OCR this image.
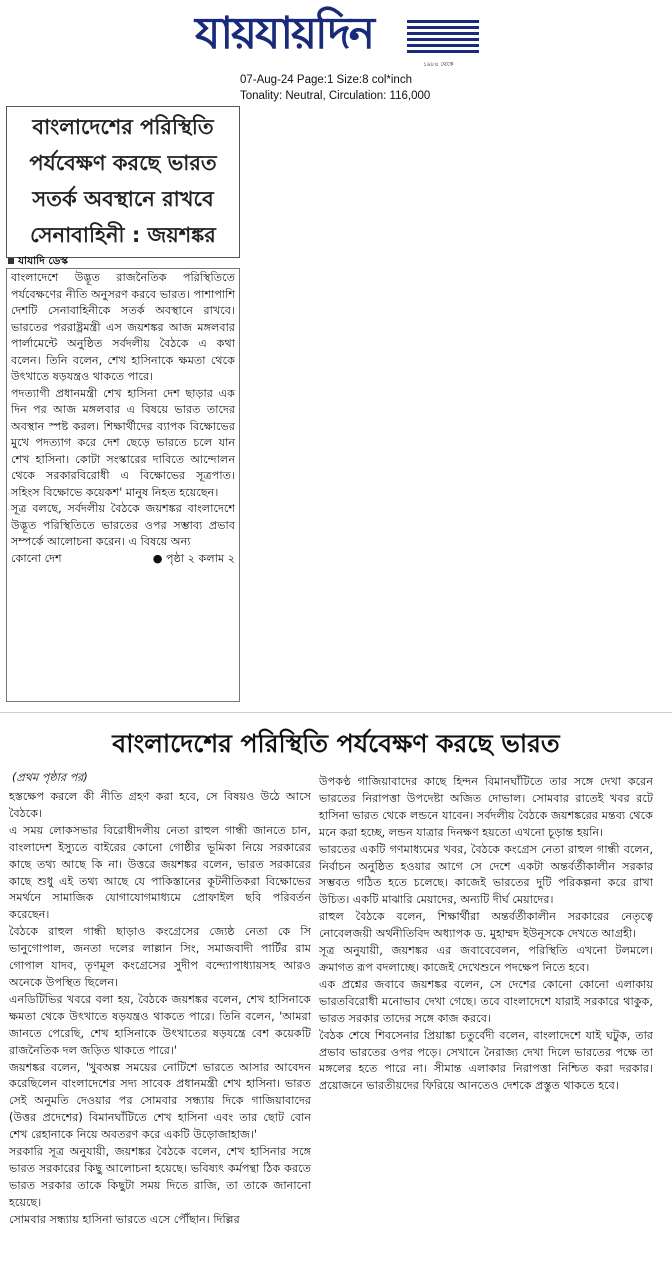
যায়যায়দিন
১৯৮৪ থেকে
07-Aug-24 Page:1 Size:8 col*inch
Tonality: Neutral, Circulation: 116,000
বাংলাদেশের পরিস্থিতি
পর্যবেক্ষণ করছে ভারত
সতর্ক অবস্থানে রাখবে
সেনাবাহিনী : জয়শঙ্কর
যাযাদি ডেস্ক

বাংলাদেশে উদ্ভূত রাজনৈতিক পরিস্থিতিতে পর্যবেক্ষণের নীতি অনুসরণ করবে ভারত। পাশাপাশি দেশটি সেনাবাহিনীকে সতর্ক অবস্থানে রাখবে। ভারতের পররাষ্ট্রমন্ত্রী এস জয়শঙ্কর আজ মঙ্গলবার পার্লামেন্টে অনুষ্ঠিত সর্বদলীয় বৈঠকে এ কথা বলেন। তিনি বলেন, শেখ হাসিনাকে ক্ষমতা থেকে উৎখাতে ষড়যন্ত্রও থাকতে পারে।

পদত্যাগী প্রধানমন্ত্রী শেখ হাসিনা দেশ ছাড়ার এক দিন পর আজ মঙ্গলবার এ বিষয়ে ভারত তাদের অবস্থান স্পষ্ট করল। শিক্ষার্থীদের ব্যাপক বিক্ষোভের মুখে পদত্যাগ করে দেশ ছেড়ে ভারতে চলে যান শেখ হাসিনা। কোটা সংস্কারের দাবিতে আন্দোলন থেকে সরকারবিরোধী এ বিক্ষোভের সূত্রপাত। সহিংস বিক্ষোভে কয়েকশ' মানুষ নিহত হয়েছেন।

সূত্র বলছে, সর্বদলীয় বৈঠকে জয়শঙ্কর বাংলাদেশে উদ্ভূত পরিস্থিতিতে ভারতের ওপর সম্ভাব্য প্রভাব সম্পর্কে আলোচনা করেন। এ বিষয়ে অন্য

কোনো দেশ	● পৃষ্ঠা ২ কলাম ২
বাংলাদেশের পরিস্থিতি পর্যবেক্ষণ করছে ভারত
(প্রথম পৃষ্ঠার পর)

হস্তক্ষেপ করলে কী নীতি গ্রহণ করা হবে, সে বিষয়ও উঠে আসে বৈঠকে।

এ সময় লোকসভার বিরোধীদলীয় নেতা রাহুল গান্ধী জানতে চান, বাংলাদেশ ইস্যুতে বাইরের কোনো গোষ্ঠীর ভূমিকা নিয়ে সরকারের কাছে তথ্য আছে কি না। উত্তরে জয়শঙ্কর বলেন, ভারত সরকারের কাছে শুধু এই তথ্য আছে যে পাকিস্তানের কূটনীতিকরা বিক্ষোভের সমর্থনে সামাজিক যোগাযোগমাধ্যমে প্রোফাইল ছবি পরিবর্তন করেছেন।

বৈঠকে রাহুল গান্ধী ছাড়াও কংগ্রেসের জ্যেষ্ঠ নেতা কে সি ভানুগোপাল, জনতা দলের লাল্লান সিং, সমাজবাদী পার্টির রাম গোপাল যাদব, তৃণমূল কংগ্রেসের সুদীপ বন্দ্যোপাধ্যায়সহ আরও অনেকে উপস্থিত ছিলেন।

এনডিটিভির খবরে বলা হয়, বৈঠকে জয়শঙ্কর বলেন, শেখ হাসিনাকে ক্ষমতা থেকে উৎখাতে ষড়যন্ত্রও থাকতে পারে। তিনি বলেন, 'আমরা জানতে পেরেছি, শেখ হাসিনাকে উৎখাতের ষড়যন্ত্রে বেশ কয়েকটি রাজনৈতিক দল জড়িত থাকতে পারে।'

জয়শঙ্কর বলেন, 'খুবঅল্প সময়ের নোটিশে ভারতে আসার আবেদন করেছিলেন বাংলাদেশের সদ্য সাবেক প্রধানমন্ত্রী শেখ হাসিনা। ভারত সেই অনুমতি দেওয়ার পর সোমবার সন্ধ্যায় দিকে গাজিয়াবাদের (উত্তর প্রদেশের) বিমানঘাঁটিতে শেখ হাসিনা এবং তার ছোট বোন শেখ রেহানাকে নিয়ে অবতরণ করে একটি উড়োজাহাজ।'

সরকারি সূত্র অনুযায়ী, জয়শঙ্কর বৈঠকে বলেন, শেখ হাসিনার সঙ্গে ভারত সরকারের কিছু আলোচনা হয়েছে। ভবিষ্যৎ কর্মপন্থা ঠিক করতে ভারত সরকার তাকে কিছুটা সময় দিতে রাজি, তা তাকে জানানো হয়েছে।

সোমবার সন্ধ্যায় হাসিনা ভারতে এসে পৌঁছান। দিল্লির

উপকণ্ঠ গাজিয়াবাদের কাছে হিন্দন বিমানঘাঁটিতে তার সঙ্গে দেখা করেন ভারতের নিরাপত্তা উপদেষ্টা অজিত দোভাল। সোমবার রাতেই খবর রটে হাসিনা ভারত থেকে লন্ডনে যাবেন। সর্বদলীয় বৈঠকে জয়শঙ্করের মন্তব্য থেকে মনে করা হচ্ছে, লন্ডন যাত্রার দিনক্ষণ হয়তো এখনো চূড়ান্ত হয়নি।

ভারতের একটি গণমাধ্যমের খবর, বৈঠকে কংগ্রেস নেতা রাহুল গান্ধী বলেন, নির্বাচন অনুষ্ঠিত হওয়ার আগে সে দেশে একটা অন্তর্বর্তীকালীন সরকার সম্ভবত গঠিত হতে চলেছে। কাজেই ভারতের দুটি পরিকল্পনা করে রাখা উচিত। একটি মাঝারি মেয়াদের, অন্যটি দীর্ঘ মেয়াদের।

রাহুল বৈঠকে বলেন, শিক্ষার্থীরা অন্তর্বর্তীকালীন সরকারের নেতৃত্বে নোবেলজয়ী অর্থনীতিবিদ অধ্যাপক ড. মুহাম্মদ ইউনূসকে দেখতে আগ্রহী।

সূত্র অনুযায়ী, জয়শঙ্কর এর জবাবেবেলন, পরিস্থিতি এখনো টলমলে। ক্রমাগত রূপ বদলাচ্ছে। কাজেই দেখেশুনে পদক্ষেপ নিতে হবে।

এক প্রশ্নের জবাবে জয়শঙ্কর বলেন, সে দেশের কোনো কোনো এলাকায় ভারতবিরোধী মনোভাব দেখা গেছে। তবে বাংলাদেশে যারাই সরকারে থাকুক, ভারত সরকার তাদের সঙ্গে কাজ করবে।

বৈঠক শেষে শিবসেনার প্রিয়াঙ্কা চতুর্বেদী বলেন, বাংলাদেশে যাই ঘটুক, তার প্রভাব ভারতের ওপর পড়ে। সেখানে নৈরাজ্য দেখা দিলে ভারতের পক্ষে তা মঙ্গলের হতে পারে না। সীমান্ত এলাকার নিরাপত্তা নিশ্চিত করা দরকার। প্রয়োজনে ভারতীয়দের ফিরিয়ে আনতেও দেশকে প্রস্তুত থাকতে হবে।
